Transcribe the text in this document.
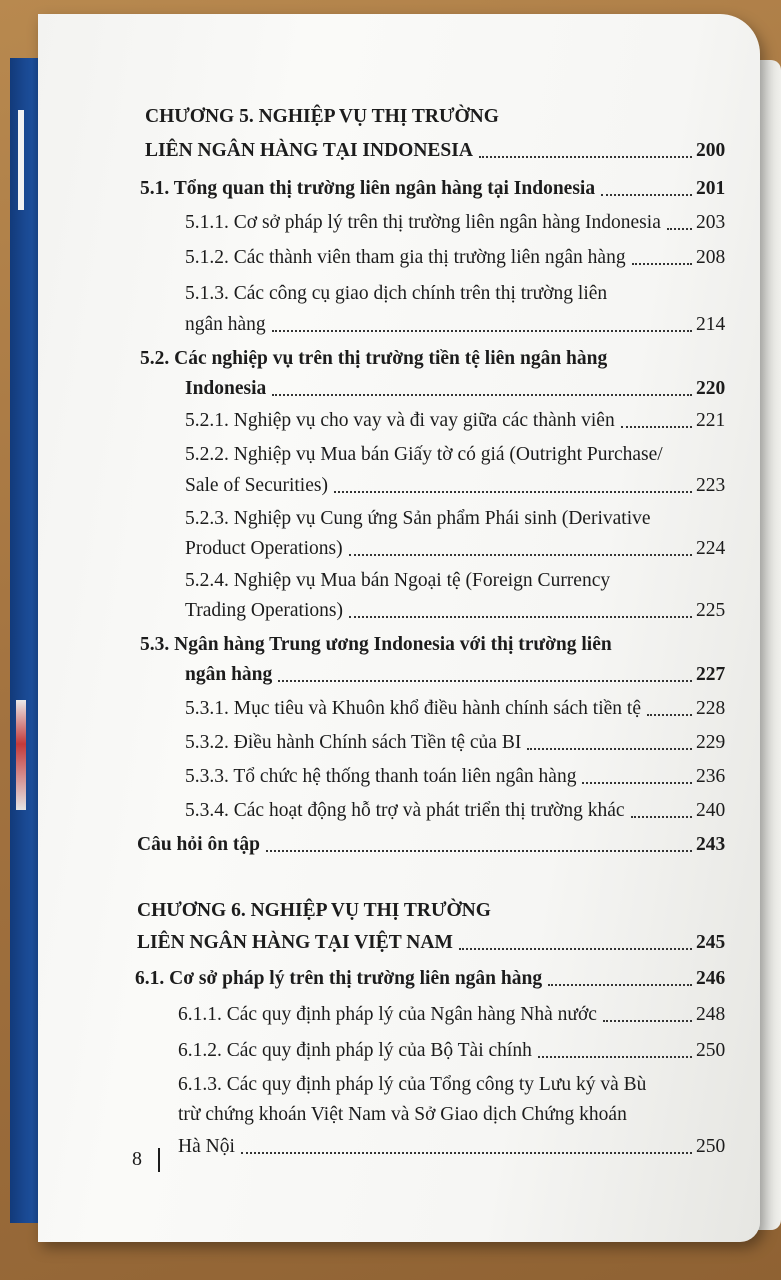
CHƯƠNG 5. NGHIỆP VỤ THỊ TRƯỜNG
LIÊN NGÂN HÀNG TẠI INDONESIA	200
5.1. Tổng quan thị trường liên ngân hàng tại Indonesia	201
5.1.1. Cơ sở pháp lý trên thị trường liên ngân hàng Indonesia 203
5.1.2. Các thành viên tham gia thị trường liên ngân hàng	208
5.1.3. Các công cụ giao dịch chính trên thị trường liên
ngân hàng	214
5.2. Các nghiệp vụ trên thị trường tiền tệ liên ngân hàng
Indonesia	220
5.2.1. Nghiệp vụ cho vay và đi vay giữa các thành viên	221
5.2.2. Nghiệp vụ Mua bán Giấy tờ có giá (Outright Purchase/
Sale of Securities)	223
5.2.3. Nghiệp vụ Cung ứng Sản phẩm Phái sinh (Derivative
Product Operations)	224
5.2.4. Nghiệp vụ Mua bán Ngoại tệ (Foreign Currency
Trading Operations)	225
5.3. Ngân hàng Trung ương Indonesia với thị trường liên
ngân hàng	227
5.3.1. Mục tiêu và Khuôn khổ điều hành chính sách tiền tệ	228
5.3.2. Điều hành Chính sách Tiền tệ của BI	229
5.3.3. Tổ chức hệ thống thanh toán liên ngân hàng	236
5.3.4. Các hoạt động hỗ trợ và phát triển thị trường khác	240
Câu hỏi ôn tập	243
CHƯƠNG 6. NGHIỆP VỤ THỊ TRƯỜNG
LIÊN NGÂN HÀNG TẠI VIỆT NAM	245
6.1. Cơ sở pháp lý trên thị trường liên ngân hàng	246
6.1.1. Các quy định pháp lý của Ngân hàng Nhà nước	248
6.1.2. Các quy định pháp lý của Bộ Tài chính	250
6.1.3. Các quy định pháp lý của Tổng công ty Lưu ký và Bù
trừ chứng khoán Việt Nam và Sở Giao dịch Chứng khoán
Hà Nội	250
8
